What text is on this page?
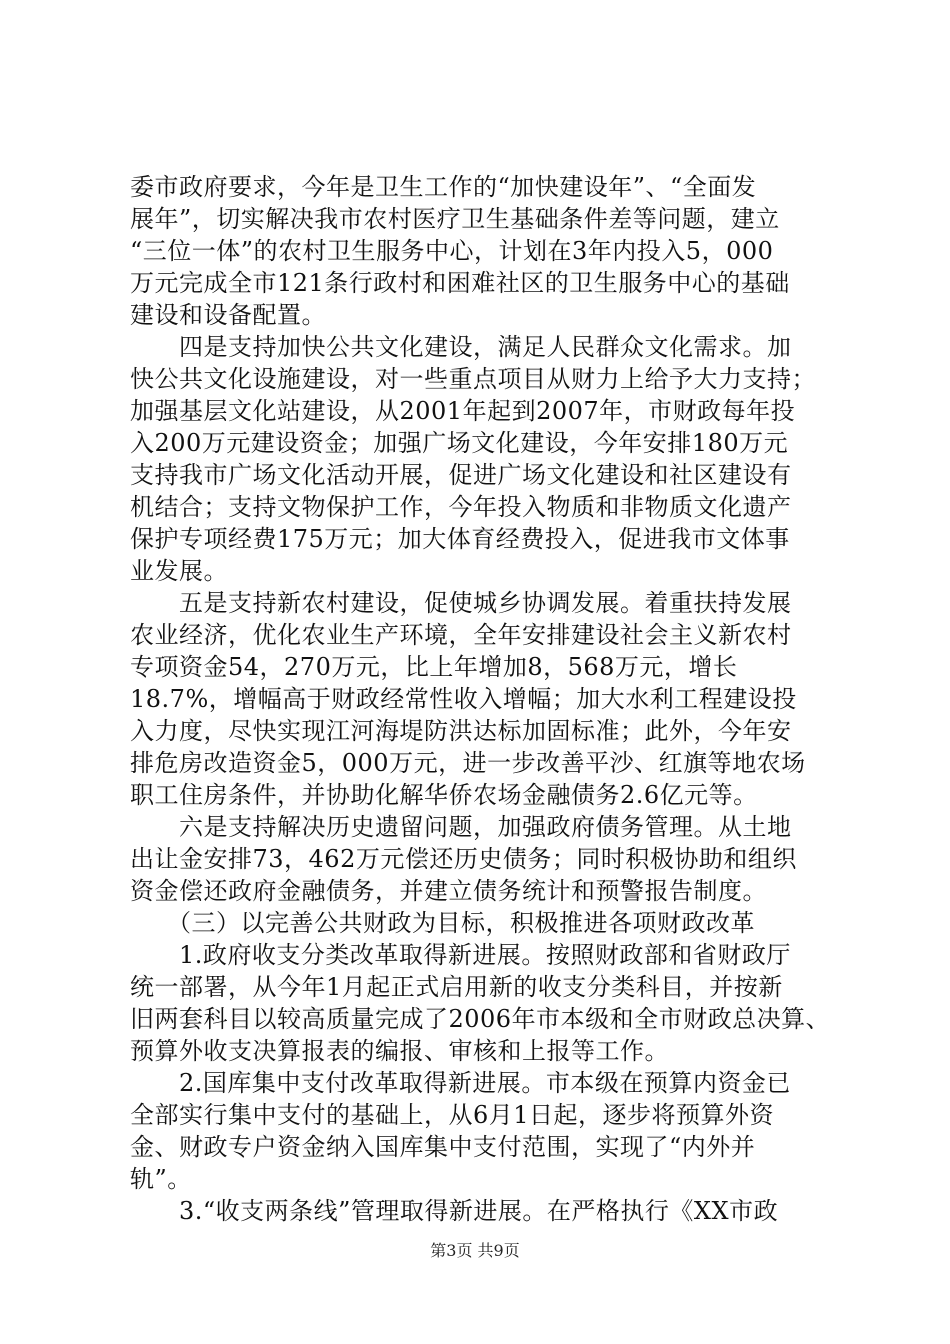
委市政府要求，今年是卫生工作的“加快建设年”、“全面发
展年”，切实解决我市农村医疗卫生基础条件差等问题，建立
“三位一体”的农村卫生服务中心，计划在3年内投入5，000
万元完成全市121条行政村和困难社区的卫生服务中心的基础
建设和设备配置。
　　四是支持加快公共文化建设，满足人民群众文化需求。加
快公共文化设施建设，对一些重点项目从财力上给予大力支持；
加强基层文化站建设，从2001年起到2007年，市财政每年投
入200万元建设资金；加强广场文化建设，今年安排180万元
支持我市广场文化活动开展，促进广场文化建设和社区建设有
机结合；支持文物保护工作，今年投入物质和非物质文化遗产
保护专项经费175万元；加大体育经费投入，促进我市文体事
业发展。
　　五是支持新农村建设，促使城乡协调发展。着重扶持发展
农业经济，优化农业生产环境，全年安排建设社会主义新农村
专项资金54，270万元，比上年增加8，568万元，增长
18.7%，增幅高于财政经常性收入增幅；加大水利工程建设投
入力度，尽快实现江河海堤防洪达标加固标准；此外，今年安
排危房改造资金5，000万元，进一步改善平沙、红旗等地农场
职工住房条件，并协助化解华侨农场金融债务2.6亿元等。
　　六是支持解决历史遗留问题，加强政府债务管理。从土地
出让金安排73，462万元偿还历史债务；同时积极协助和组织
资金偿还政府金融债务，并建立债务统计和预警报告制度。
　　（三）以完善公共财政为目标，积极推进各项财政改革
　　1.政府收支分类改革取得新进展。按照财政部和省财政厅
统一部署，从今年1月起正式启用新的收支分类科目，并按新
旧两套科目以较高质量完成了2006年市本级和全市财政总决算、
预算外收支决算报表的编报、审核和上报等工作。
　　2.国库集中支付改革取得新进展。市本级在预算内资金已
全部实行集中支付的基础上，从6月1日起，逐步将预算外资
金、财政专户资金纳入国库集中支付范围，实现了“内外并
轨”。
　　3.“收支两条线”管理取得新进展。在严格执行《XX市政
第3页 共9页
